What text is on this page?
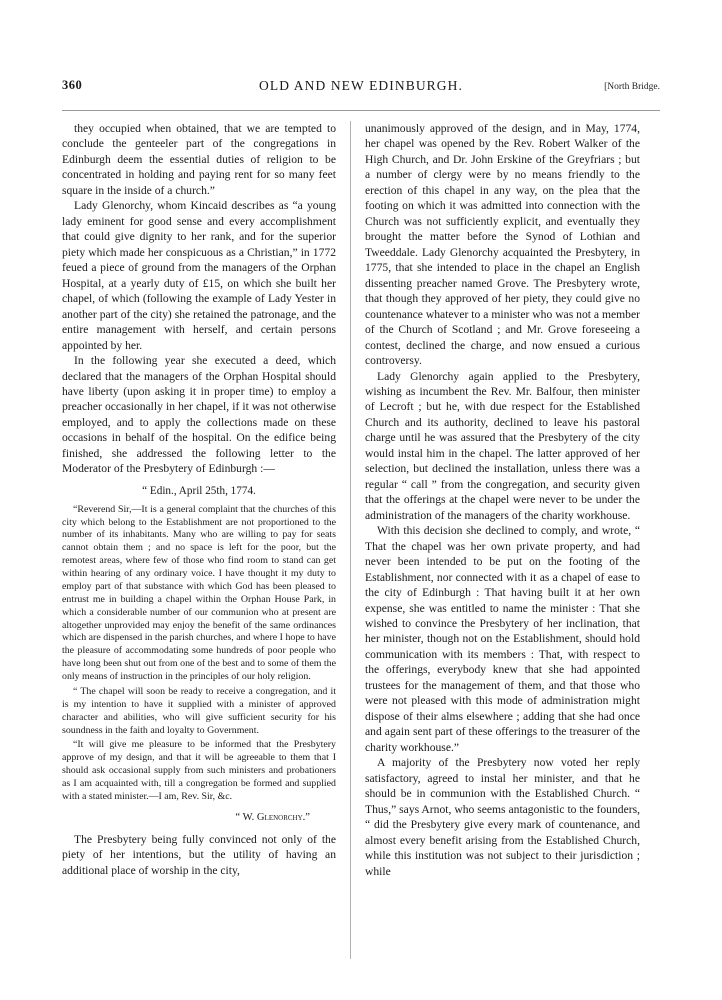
360	OLD AND NEW EDINBURGH.	[North Bridge.

they occupied when obtained, that we are tempted to conclude the genteeler part of the congregations in Edinburgh deem the essential duties of religion to be concentrated in holding and paying rent for so many feet square in the inside of a church.”

Lady Glenorchy, whom Kincaid describes as “a young lady eminent for good sense and every accomplishment that could give dignity to her rank, and for the superior piety which made her conspicuous as a Christian,” in 1772 feued a piece of ground from the managers of the Orphan Hospital, at a yearly duty of £15, on which she built her chapel, of which (following the example of Lady Yester in another part of the city) she retained the patronage, and the entire management with herself, and certain persons appointed by her.

In the following year she executed a deed, which declared that the managers of the Orphan Hospital should have liberty (upon asking it in proper time) to employ a preacher occasionally in her chapel, if it was not otherwise employed, and to apply the collections made on these occasions in behalf of the hospital. On the edifice being finished, she addressed the following letter to the Moderator of the Presbytery of Edinburgh :—

“ Edin., April 25th, 1774.

“Reverend Sir,—It is a general complaint that the churches of this city which belong to the Establishment are not proportioned to the number of its inhabitants. Many who are willing to pay for seats cannot obtain them ; and no space is left for the poor, but the remotest areas, where few of those who find room to stand can get within hearing of any ordinary voice. I have thought it my duty to employ part of that substance with which God has been pleased to entrust me in building a chapel within the Orphan House Park, in which a considerable number of our communion who at present are altogether unprovided may enjoy the benefit of the same ordinances which are dispensed in the parish churches, and where I hope to have the pleasure of accommodating some hundreds of poor people who have long been shut out from one of the best and to some of them the only means of instruction in the principles of our holy religion.

“ The chapel will soon be ready to receive a congregation, and it is my intention to have it supplied with a minister of approved character and abilities, who will give sufficient security for his soundness in the faith and loyalty to Government.

“It will give me pleasure to be informed that the Presbytery approve of my design, and that it will be agreeable to them that I should ask occasional supply from such ministers and probationers as I am acquainted with, till a congregation be formed and supplied with a stated minister.—I am, Rev. Sir, &c.

“ W. Glenorchy.”

The Presbytery being fully convinced not only of the piety of her intentions, but the utility of having an additional place of worship in the city,

unanimously approved of the design, and in May, 1774, her chapel was opened by the Rev. Robert Walker of the High Church, and Dr. John Erskine of the Greyfriars ; but a number of clergy were by no means friendly to the erection of this chapel in any way, on the plea that the footing on which it was admitted into connection with the Church was not sufficiently explicit, and eventually they brought the matter before the Synod of Lothian and Tweeddale. Lady Glenorchy acquainted the Presbytery, in 1775, that she intended to place in the chapel an English dissenting preacher named Grove. The Presbytery wrote, that though they approved of her piety, they could give no countenance whatever to a minister who was not a member of the Church of Scotland ; and Mr. Grove foreseeing a contest, declined the charge, and now ensued a curious controversy.

Lady Glenorchy again applied to the Presbytery, wishing as incumbent the Rev. Mr. Balfour, then minister of Lecroft ; but he, with due respect for the Established Church and its authority, declined to leave his pastoral charge until he was assured that the Presbytery of the city would instal him in the chapel. The latter approved of her selection, but declined the installation, unless there was a regular “ call ” from the congregation, and security given that the offerings at the chapel were never to be under the administration of the managers of the charity workhouse.

With this decision she declined to comply, and wrote, “ That the chapel was her own private property, and had never been intended to be put on the footing of the Establishment, nor connected with it as a chapel of ease to the city of Edinburgh : That having built it at her own expense, she was entitled to name the minister : That she wished to convince the Presbytery of her inclination, that her minister, though not on the Establishment, should hold communication with its members : That, with respect to the offerings, everybody knew that she had appointed trustees for the management of them, and that those who were not pleased with this mode of administration might dispose of their alms elsewhere ; adding that she had once and again sent part of these offerings to the treasurer of the charity workhouse.”

A majority of the Presbytery now voted her reply satisfactory, agreed to instal her minister, and that he should be in communion with the Established Church. “ Thus,” says Arnot, who seems antagonistic to the founders, “ did the Presbytery give every mark of countenance, and almost every benefit arising from the Established Church, while this institution was not subject to their jurisdiction ; while
